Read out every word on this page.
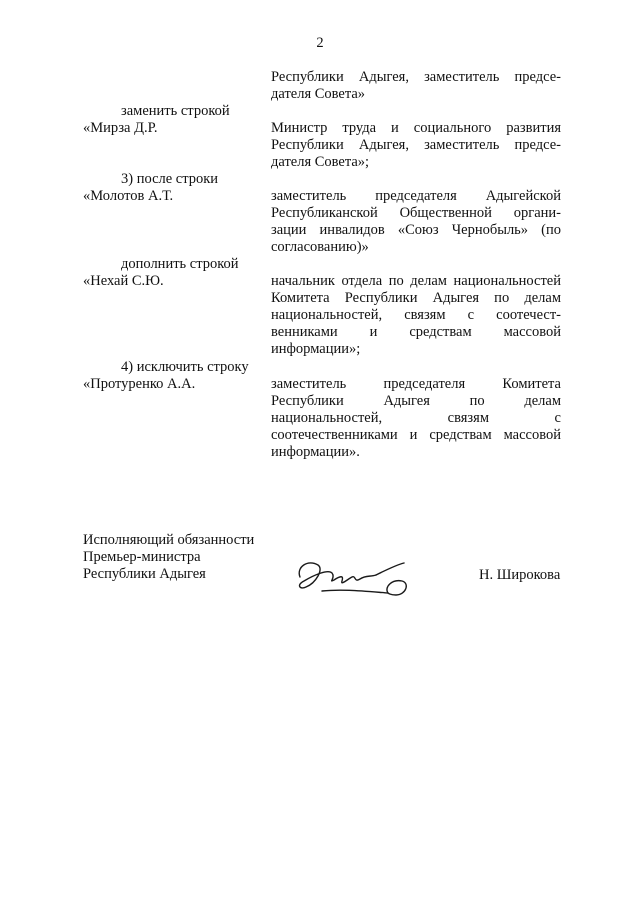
2
Республики Адыгея, заместитель предсе-
дателя Совета»
заменить строкой
«Мирза Д.Р.	Министр труда и социального развития
Республики Адыгея, заместитель предсе-
дателя Совета»;
3) после строки
«Молотов А.Т.	заместитель председателя Адыгейской
Республиканской Общественной органи-
зации инвалидов «Союз Чернобыль» (по
согласованию)»
дополнить строкой
«Нехай С.Ю.	начальник отдела по делам национальностей
Комитета Республики Адыгея по делам
национальностей, связям с соотечест-
венниками и средствам массовой
информации»;
4) исключить строку
«Протуренко А.А.	заместитель председателя Комитета
Республики Адыгея по делам
национальностей, связям с
соотечественниками и средствам массовой
информации».
Исполняющий обязанности
Премьер-министра
Республики Адыгея	Н. Широкова
